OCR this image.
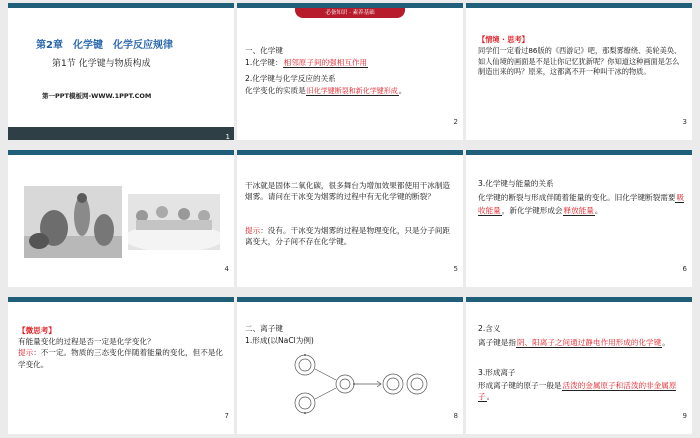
第2章　化学键　化学反应规律
第1节 化学键与物质构成
第一PPT模板网-WWW.1PPT.COM
1
必备知识 · 素养基础
一、化学键
1.化学键：相邻原子间的强相互作用
2.化学键与化学反应的关系
化学变化的实质是旧化学键断裂和新化学键形成。
2
【情境 · 思考】
同学们一定看过86版的《西游记》吧，那梨雾缭绕、美轮美奂、如人仙境的画面是不是让你记忆犹新呢？你知道这种画面是怎么制造出来的吗？原来，这都离不开一种叫干冰的物质。
3
4
干冰就是固体二氧化碳，很多舞台为增加效果都使用干冰制造烟雾。请问在干冰变为烟雾的过程中有无化学键的断裂？
提示：没有。干冰变为烟雾的过程是物理变化，只是分子间距离变大，分子间不存在化学键。
5
3.化学键与能量的关系
化学键的断裂与形成伴随着能量的变化。旧化学键断裂需要吸收能量，新化学键形成会释放能量。
6
【微思考】
有能量变化的过程是否一定是化学变化？
提示：不一定。物质的三态变化伴随着能量的变化，但不是化学变化。
7
二、离子键
1.形成(以NaCl为例)
8
2.含义
离子键是指阴、阳离子之间通过静电作用形成的化学键。
3.形成离子
形成离子键的原子一般是活泼的金属原子和活泼的非金属原子。
9
